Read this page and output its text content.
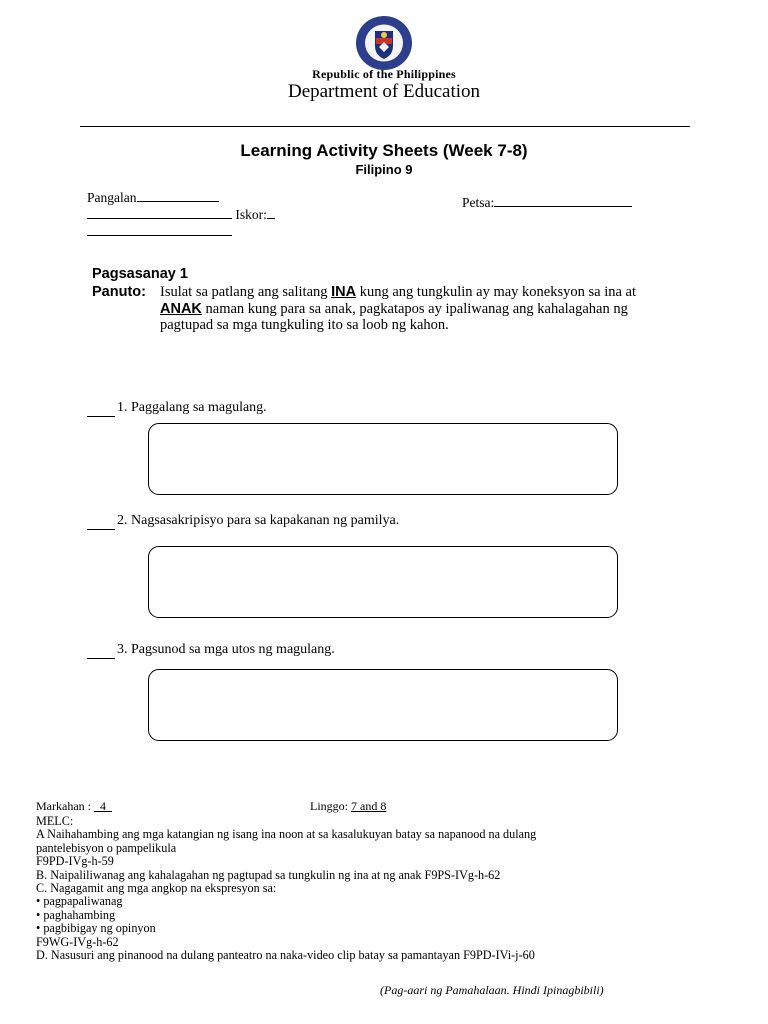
Republic of the Philippines
Department of Education
Learning Activity Sheets (Week 7-8)
Filipino 9
Pangalan
Iskor:
Petsa:
Pagsasanay 1
Panuto: Isulat sa patlang ang salitang INA kung ang tungkulin ay may koneksyon sa ina at ANAK naman kung para sa anak, pagkatapos ay ipaliwanag ang kahalagahan ng pagtupad sa mga tungkuling ito sa loob ng kahon.
1. Paggalang sa magulang.
2. Nagsasakripisyo para sa kapakanan ng pamilya.
3. Pagsunod sa mga utos ng magulang.
Markahan : 4	Linggo: 7 and 8
MELC:
A Naihahambing ang mga katangian ng isang ina noon at sa kasalukuyan batay sa napanood na dulang
pantelebisyon o pampelikula
F9PD-IVg-h-59
B. Naipaliliwanag ang kahalagahan ng pagtupad sa tungkulin ng ina at ng anak F9PS-IVg-h-62
C. Nagagamit ang mga angkop na ekspresyon sa:
• pagpapaliwanag
• paghahambing
• pagbibigay ng opinyon
F9WG-IVg-h-62
D. Nasusuri ang pinanood na dulang panteatro na naka-video clip batay sa pamantayan F9PD-IVi-j-60
(Pag-aari ng Pamahalaan. Hindi Ipinagbibili)
